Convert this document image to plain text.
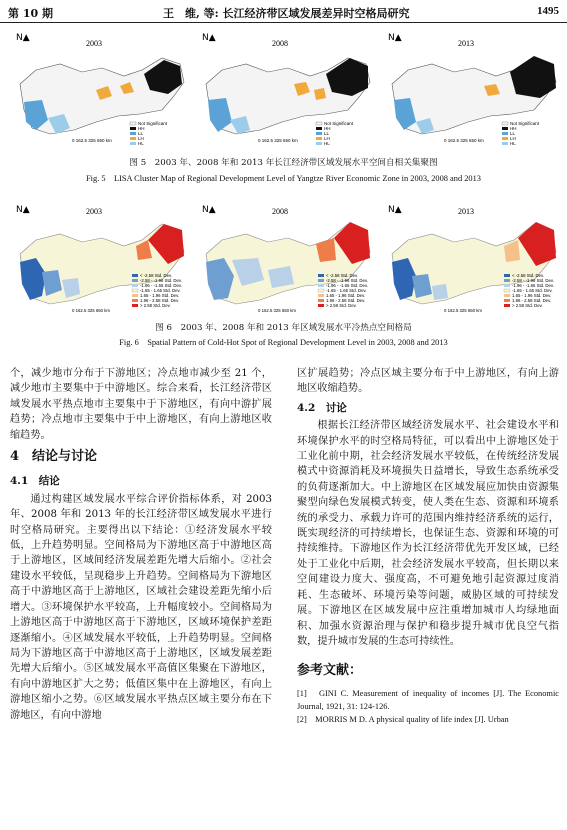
第 10 期	王　维, 等: 长江经济带区域发展差异时空格局研究	1495
N▲
2003
Not Significant
HH
LL
LH
HL
0 162.5 325 650 km
N▲
2008
Not Significant
HH
LL
LH
HL
0 162.5 325 650 km
N▲
2013
Not Significant
HH
LL
LH
HL
0 162.5 325 650 km
图 5　2003 年、2008 年和 2013 年长江经济带区域发展水平空间自相关集聚图
Fig. 5　LISA Cluster Map of Regional Development Level of Yangtze River Economic Zone in 2003, 2008 and 2013
N▲	2003
< -2.58 Std. Dev.
-2.58 - -1.96 Std. Dev.
-1.96 - -1.65 Std. Dev.
-1.65 - 1.65 Std. Dev.
1.65 - 1.96 Std. Dev.
1.96 - 2.58 Std. Dev.
> 2.58 Std. Dev.
0 162.5 325 650 km
N▲	2008
< -2.58 Std. Dev.
-2.58 - -1.96 Std. Dev.
-1.96 - -1.65 Std. Dev.
-1.65 - 1.65 Std. Dev.
1.65 - 1.96 Std. Dev.
1.96 - 2.58 Std. Dev.
> 2.58 Std. Dev.
0 162.5 325 650 km
N▲	2013
< -2.58 Std. Dev.
-2.58 - -1.96 Std. Dev.
-1.96 - -1.65 Std. Dev.
-1.65 - 1.65 Std. Dev.
1.65 - 1.96 Std. Dev.
1.96 - 2.58 Std. Dev.
> 2.58 Std. Dev.
0 162.5 325 650 km
图 6　2003 年、2008 年和 2013 年区域发展水平冷热点空间格局
Fig. 6　Spatial Pattern of Cold-Hot Spot of Regional Development Level in 2003, 2008 and 2013

个，减少地市分布于下游地区；冷点地市减少至 21 个，减少地市主要集中于中游地区。综合来看，长江经济带区域发展水平热点地市主要集中于下游地区，有向中游扩展趋势；冷点地市主要集中于中上游地区，有向上游地区收缩趋势。

4　结论与讨论
4.1　结论

通过构建区域发展水平综合评价指标体系，对 2003 年、2008 年和 2013 年的长江经济带区域发展水平进行时空格局研究。主要得出以下结论：①经济发展水平较低，上升趋势明显。空间格局为下游地区高于中游地区高于上游地区，区域间经济发展差距先增大后缩小。②社会建设水平较低，呈现稳步上升趋势。空间格局为下游地区高于中游地区高于上游地区，区域社会建设差距先缩小后增大。③环境保护水平较高，上升幅度较小。空间格局为上游地区高于中游地区高于下游地区，区域环境保护差距逐渐缩小。④区域发展水平较低，上升趋势明显。空间格局为下游地区高于中游地区高于上游地区，区域发展差距先增大后缩小。⑤区域发展水平高值区集聚在下游地区，有向中游地区扩大之势；低值区集中在上游地区，有向上游地区缩小之势。⑥区域发展水平热点区域主要分布在下游地区，有向中游地

区扩展趋势；冷点区域主要分布于中上游地区，有向上游地区收缩趋势。

4.2　讨论

根据长江经济带区域经济发展水平、社会建设水平和环境保护水平的时空格局特征，可以看出中上游地区处于工业化前中期，社会经济发展水平较低，在传统经济发展模式中资源消耗及环境损失日益增长，导致生态系统承受的负荷逐渐加大。中上游地区在区域发展应加快由资源集聚型向绿色发展模式转变，使人类在生态、资源和环境系统的承受力、承载力许可的范围内维持经济系统的运行，既实现经济的可持续增长，也保证生态、资源和环境的可持续维持。下游地区作为长江经济带优先开发区域，已经处于工业化中后期，社会经济发展水平较高，但长期以来空间建设力度大、强度高，不可避免地引起资源过度消耗、生态破坏、环境污染等问题，威胁区域的可持续发展。下游地区在区域发展中应注重增加城市人均绿地面积、加强水资源治理与保护和稳步提升城市优良空气指数，提升城市发展的生态可持续性。

参考文献：

[1]　GINI C. Measurement of inequality of incomes [J]. The Economic Journal, 1921, 31: 124-126.

[2]　MORRIS M D. A physical quality of life index [J]. Urban
